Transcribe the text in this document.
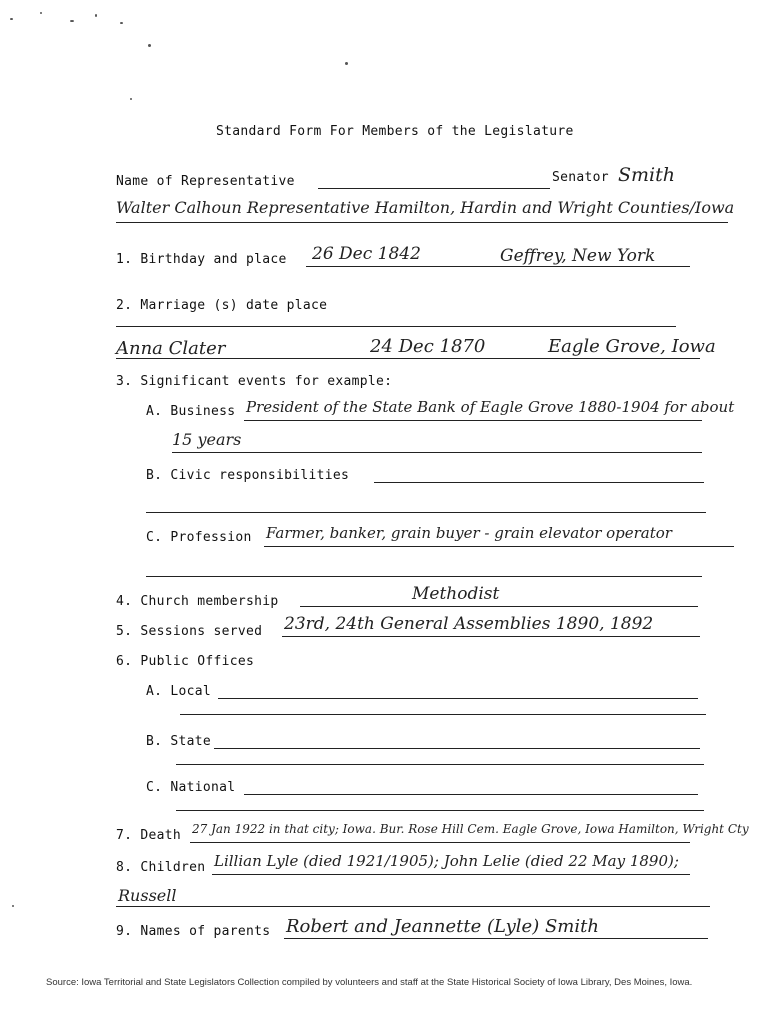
Standard Form For Members of the Legislature
Name of Representative	Senator Smith
Walter Calhoun Representative Hamilton, Hardin and Wright Counties/Iowa
1. Birthday and place 26 Dec 1842	Geffrey, New York
2. Marriage (s) date place
Anna Clater	24 Dec 1870	Eagle Grove, Iowa
3. Significant events for example:
A. Business President of the State Bank of Eagle Grove 1880-1904 for about
15 years
B. Civic responsibilities
C. Profession Farmer, banker, grain buyer - grain elevator operator
4. Church membership	Methodist
5. Sessions served 23rd, 24th General Assemblies 1890, 1892
6. Public Offices
A. Local
B. State
C. National
7. Death 27 Jan 1922 in that city; Iowa. Bur. Rose Hill Cem. Eagle Grove, Iowa Hamilton, Wright Cty
8. Children Lillian Lyle (died 1921/1905); John Lelie (died 22 May 1890);
Russell
9. Names of parents Robert and Jeannette (Lyle) Smith
Source: Iowa Territorial and State Legislators Collection compiled by volunteers and staff at the State Historical Society of Iowa Library, Des Moines, Iowa.
